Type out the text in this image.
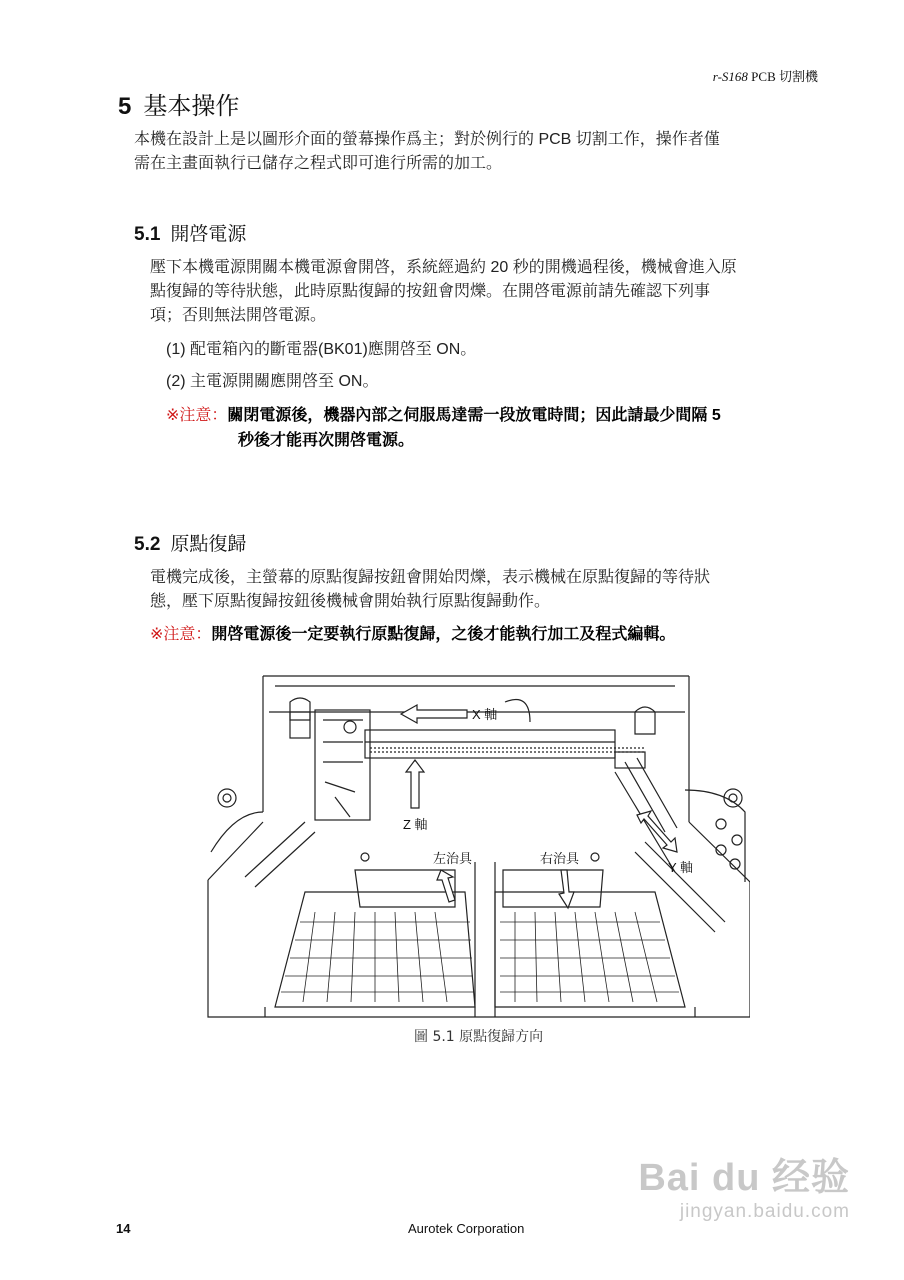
r-S168 PCB 切割機
5 基本操作
本機在設計上是以圖形介面的螢幕操作爲主；對於例行的 PCB 切割工作，操作者僅
需在主畫面執行已儲存之程式即可進行所需的加工。
5.1 開啓電源
壓下本機電源開關本機電源會開啓，系統經過約 20 秒的開機過程後，機械會進入原
點復歸的等待狀態，此時原點復歸的按鈕會閃爍。在開啓電源前請先確認下列事
項；否則無法開啓電源。
(1) 配電箱內的斷電器(BK01)應開啓至 ON。
(2) 主電源開關應開啓至 ON。
※注意：關閉電源後，機器內部之伺服馬達需一段放電時間；因此請最少間隔 5
秒後才能再次開啓電源。
5.2 原點復歸
電機完成後，主螢幕的原點復歸按鈕會開始閃爍，表示機械在原點復歸的等待狀
態，壓下原點復歸按鈕後機械會開始執行原點復歸動作。
※注意：開啓電源後一定要執行原點復歸，之後才能執行加工及程式編輯。
X 軸
Z 軸
Y 軸
左治具	右治具
圖 5.1 原點復歸方向
14	Aurotek Corporation
Bai du 经验
jingyan.baidu.com
